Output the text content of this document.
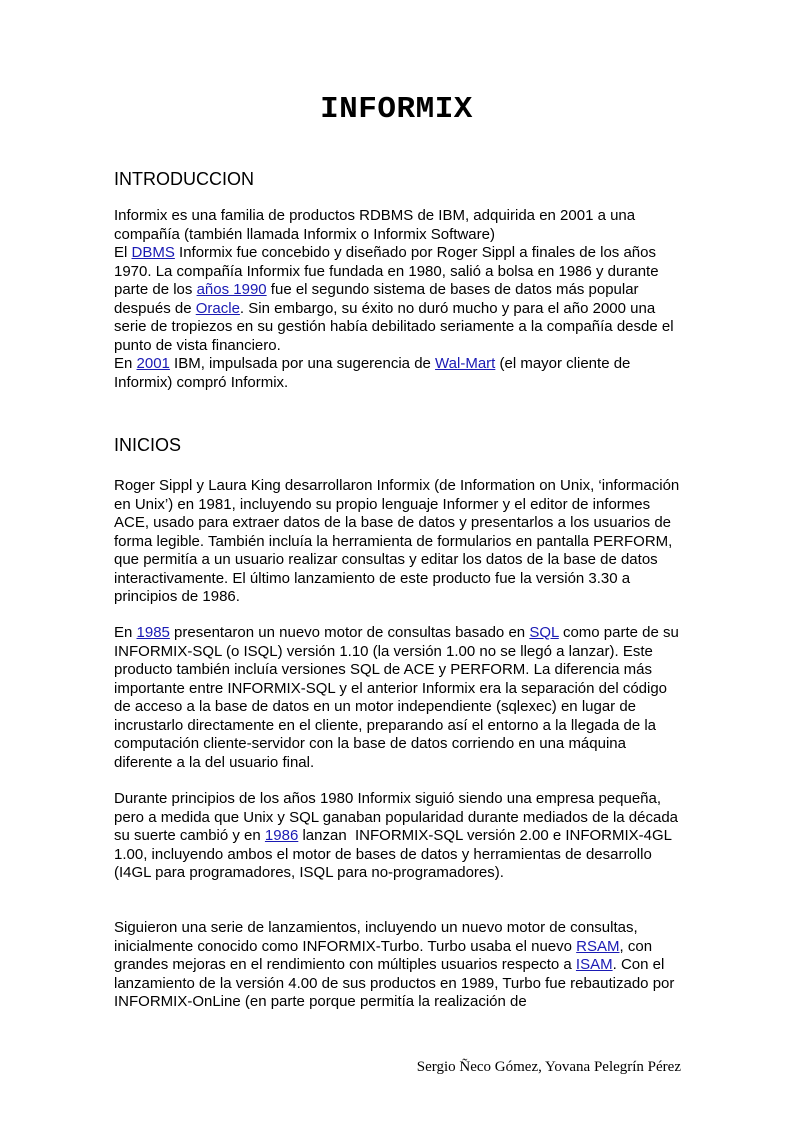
INFORMIX
INTRODUCCION
Informix es una familia de productos RDBMS de IBM, adquirida en 2001 a una compañía (también llamada Informix o Informix Software)
El DBMS Informix fue concebido y diseñado por Roger Sippl a finales de los años 1970. La compañía Informix fue fundada en 1980, salió a bolsa en 1986 y durante parte de los años 1990 fue el segundo sistema de bases de datos más popular después de Oracle. Sin embargo, su éxito no duró mucho y para el año 2000 una serie de tropiezos en su gestión había debilitado seriamente a la compañía desde el punto de vista financiero.
En 2001 IBM, impulsada por una sugerencia de Wal-Mart (el mayor cliente de Informix) compró Informix.
INICIOS
Roger Sippl y Laura King desarrollaron Informix (de Information on Unix, ‘información en Unix’) en 1981, incluyendo su propio lenguaje Informer y el editor de informes ACE, usado para extraer datos de la base de datos y presentarlos a los usuarios de forma legible. También incluía la herramienta de formularios en pantalla PERFORM, que permitía a un usuario realizar consultas y editar los datos de la base de datos interactivamente. El último lanzamiento de este producto fue la versión 3.30 a principios de 1986.
En 1985 presentaron un nuevo motor de consultas basado en SQL como parte de su INFORMIX-SQL (o ISQL) versión 1.10 (la versión 1.00 no se llegó a lanzar). Este producto también incluía versiones SQL de ACE y PERFORM. La diferencia más importante entre INFORMIX-SQL y el anterior Informix era la separación del código de acceso a la base de datos en un motor independiente (sqlexec) en lugar de incrustarlo directamente en el cliente, preparando así el entorno a la llegada de la computación cliente-servidor con la base de datos corriendo en una máquina diferente a la del usuario final.
Durante principios de los años 1980 Informix siguió siendo una empresa pequeña, pero a medida que Unix y SQL ganaban popularidad durante mediados de la década su suerte cambió y en 1986 lanzan  INFORMIX-SQL versión 2.00 e INFORMIX-4GL 1.00, incluyendo ambos el motor de bases de datos y herramientas de desarrollo (I4GL para programadores, ISQL para no-programadores).
Siguieron una serie de lanzamientos, incluyendo un nuevo motor de consultas, inicialmente conocido como INFORMIX-Turbo. Turbo usaba el nuevo RSAM, con grandes mejoras en el rendimiento con múltiples usuarios respecto a ISAM. Con el lanzamiento de la versión 4.00 de sus productos en 1989, Turbo fue rebautizado por INFORMIX-OnLine (en parte porque permitía la realización de
Sergio Ñeco Gómez, Yovana Pelegrín Pérez
